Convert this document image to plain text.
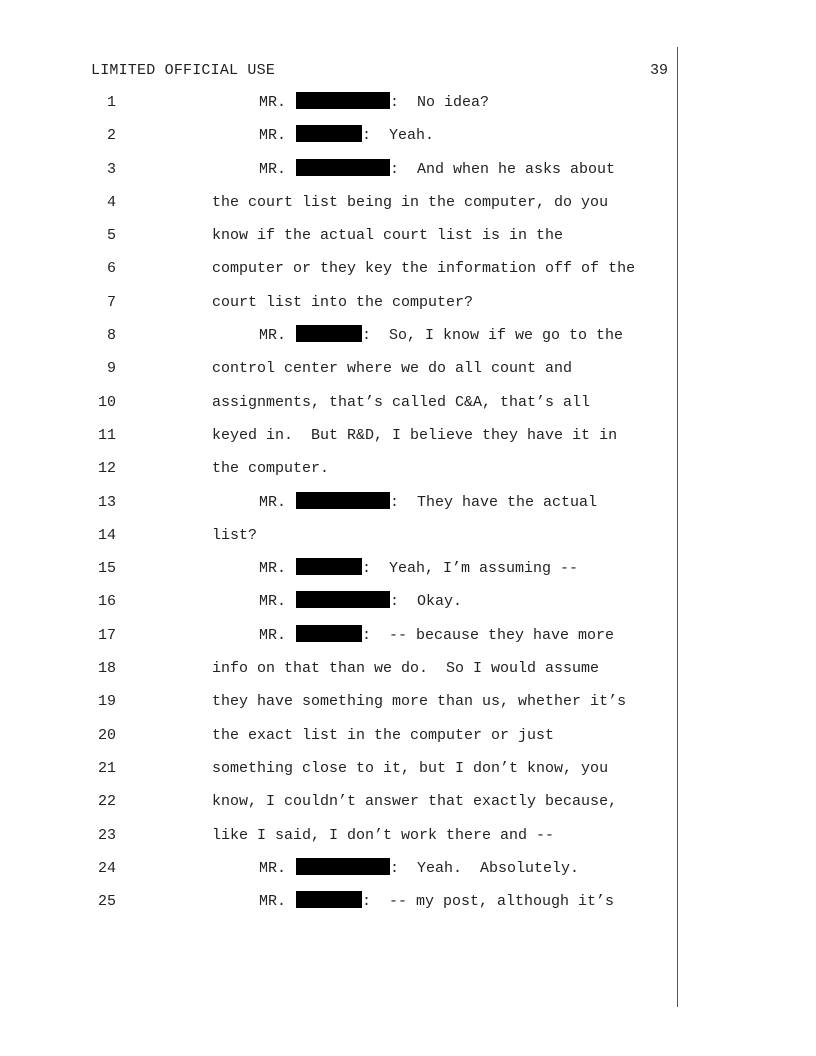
LIMITED OFFICIAL USE	39
1	MR.	:  No idea?
2	MR.	:  Yeah.
3	MR.	:  And when he asks about
4	the court list being in the computer, do you
5	know if the actual court list is in the
6	computer or they key the information off of the
7	court list into the computer?
8	MR.	:  So, I know if we go to the
9	control center where we do all count and
10	assignments, that’s called C&A, that’s all
11	keyed in.  But R&D, I believe they have it in
12	the computer.
13	MR.	:  They have the actual
14	list?
15	MR.	:  Yeah, I’m assuming --
16	MR.	:  Okay.
17	MR.	:  -- because they have more
18	info on that than we do.  So I would assume
19	they have something more than us, whether it’s
20	the exact list in the computer or just
21	something close to it, but I don’t know, you
22	know, I couldn’t answer that exactly because,
23	like I said, I don’t work there and --
24	MR.	:  Yeah.  Absolutely.
25	MR.	:  -- my post, although it’s
